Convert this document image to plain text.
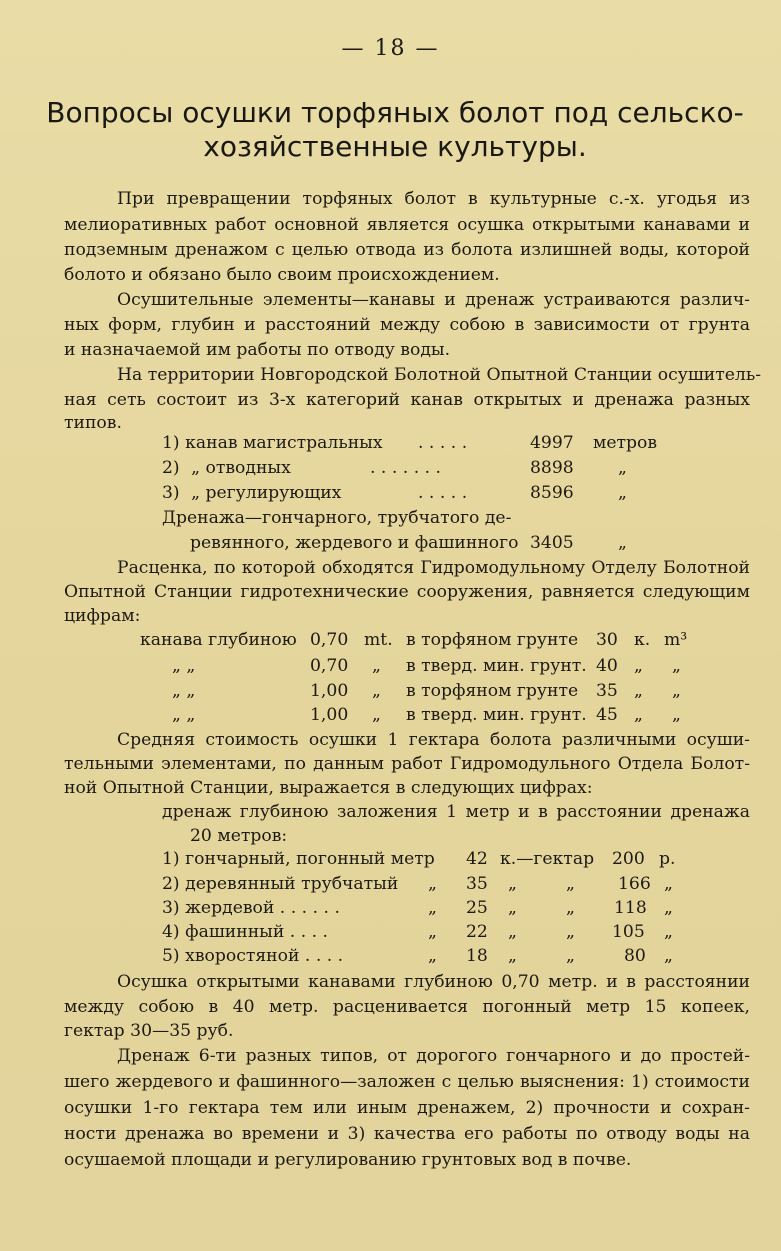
— 18 —
Вопросы осушки торфяных болот под сельско-
хозяйственные культуры.
При превращении торфяных болот в культурные с.-х. угодья из
мелиоративных работ основной является осушка открытыми канавами и
подземным дренажом с целью отвода из болота излишней воды, которой
болото и обязано было своим происхождением.
Осушительные элементы—канавы и дренаж устраиваются различ-
ных форм, глубин и расстояний между собою в зависимости от грунта
и назначаемой им работы по отводу воды.
На территории Новгородской Болотной Опытной Станции осушитель-
ная сеть состоит из 3-х категорий канав открытых и дренажа разных
типов.
1) канав магистральных . . . . .	4997 метров
2) „ отводных	. . . . . . .	8898	„
3) „ регулирующих	. . . . .	8596	„
Дренажа—гончарного, трубчатого де-
ревянного, жердевого и фашинного 3405	„
Расценка, по которой обходятся Гидромодульному Отделу Болотной
Опытной Станции гидротехнические сооружения, равняется следующим
цифрам:
канава глубиною 0,70 mt. в торфяном грунте 30 к. m³
„ „	0,70 „ в тверд. мин. грунт. 40 „ „
„ „	1,00 „ в торфяном грунте 35 „ „
„ „	1,00 „ в тверд. мин. грунт. 45 „ „
Средняя стоимость осушки 1 гектара болота различными осуши-
тельными элементами, по данным работ Гидромодульного Отдела Болот-
ной Опытной Станции, выражается в следующих цифрах:
дренаж глубиною заложения 1 метр и в расстоянии дренажа
20 метров:
1) гончарный, погонный метр 42 к.—гектар 200 р.
2) деревянный трубчатый „ 35 „	„	166 „
3) жердевой . . . . . .	„ 25 „	„ 118 „
4) фашинный . . . .	„ 22 „	„ 105 „
5) хворостяной . . . .	„ 18 „	„	80 „
Осушка открытыми канавами глубиною 0,70 метр. и в расстоянии
между собою в 40 метр. расценивается погонный метр 15 копеек,
гектар 30—35 руб.
Дренаж 6-ти разных типов, от дорогого гончарного и до простей-
шего жердевого и фашинного—заложен с целью выяснения: 1) стоимости
осушки 1-го гектара тем или иным дренажем, 2) прочности и сохран-
ности дренажа во времени и 3) качества его работы по отводу воды на
осушаемой площади и регулированию грунтовых вод в почве.
